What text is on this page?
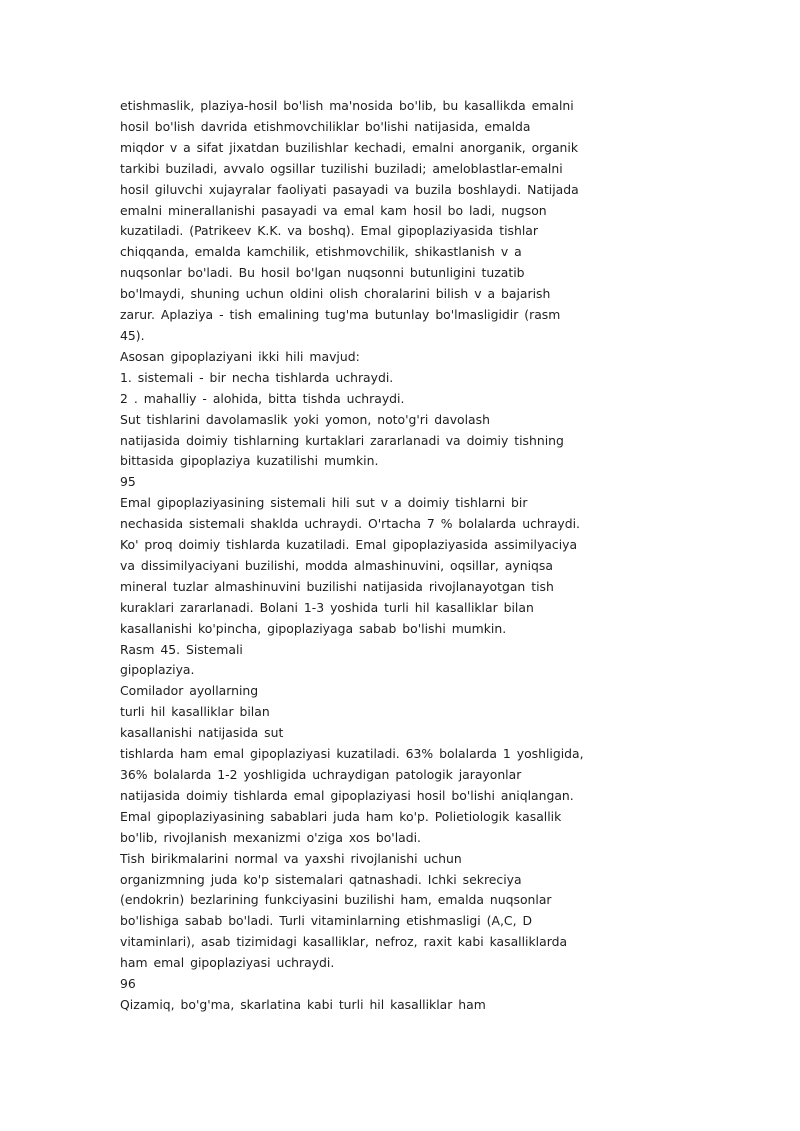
etishmaslik, plaziya-hosil bo'lish ma'nosida bo'lib, bu kasallikda emalni
hosil bo'lish davrida etishmovchiliklar bo'lishi natijasida, emalda
miqdor v a sifat jixatdan buzilishlar kechadi, emalni anorganik, organik
tarkibi buziladi, avvalo ogsillar tuzilishi buziladi; ameloblastlar-emalni
hosil giluvchi xujayralar faoliyati pasayadi va buzila boshlaydi. Natijada
emalni minerallanishi pasayadi va emal kam hosil bo ladi, nugson
kuzatiladi. (Patrikeev K.K. va boshq). Emal gipoplaziyasida tishlar
chiqqanda, emalda kamchilik, etishmovchilik, shikastlanish v a
nuqsonlar bo'ladi. Bu hosil bo'lgan nuqsonni butunligini tuzatib
bo'lmaydi, shuning uchun oldini olish choralarini bilish v a bajarish
zarur. Aplaziya - tish emalining tug'ma butunlay bo'lmasligidir (rasm
45).
Asosan gipoplaziyani ikki hili mavjud:
1. sistemali - bir necha tishlarda uchraydi.
2 . mahalliy - alohida, bitta tishda uchraydi.
Sut tishlarini davolamaslik yoki yomon, noto'g'ri davolash
natijasida doimiy tishlarning kurtaklari zararlanadi va doimiy tishning
bittasida gipoplaziya kuzatilishi mumkin.
95
Emal gipoplaziyasining sistemali hili sut v a doimiy tishlarni bir
nechasida sistemali shaklda uchraydi. O'rtacha 7 % bolalarda uchraydi.
Ko' proq doimiy tishlarda kuzatiladi. Emal gipoplaziyasida assimilyaciya
va dissimilyaciyani buzilishi, modda almashinuvini, oqsillar, ayniqsa
mineral tuzlar almashinuvini buzilishi natijasida rivojlanayotgan tish
kuraklari zararlanadi. Bolani 1-3 yoshida turli hil kasalliklar bilan
kasallanishi ko'pincha, gipoplaziyaga sabab bo'lishi mumkin.
Rasm 45. Sistemali
gipoplaziya.
Comilador ayollarning
turli hil kasalliklar bilan
kasallanishi natijasida sut
tishlarda ham emal gipoplaziyasi kuzatiladi. 63% bolalarda 1 yoshligida,
36% bolalarda 1-2 yoshligida uchraydigan patologik jarayonlar
natijasida doimiy tishlarda emal gipoplaziyasi hosil bo'lishi aniqlangan.
Emal gipoplaziyasining sabablari juda ham ko'p. Polietiologik kasallik
bo'lib, rivojlanish mexanizmi o'ziga xos bo'ladi.
Tish birikmalarini normal va yaxshi rivojlanishi uchun
organizmning juda ko'p sistemalari qatnashadi. Ichki sekreciya
(endokrin) bezlarining funkciyasini buzilishi ham, emalda nuqsonlar
bo'lishiga sabab bo'ladi. Turli vitaminlarning etishmasligi (A,C, D
vitaminlari), asab tizimidagi kasalliklar, nefroz, raxit kabi kasalliklarda
ham emal gipoplaziyasi uchraydi.
96
Qizamiq, bo'g'ma, skarlatina kabi turli hil kasalliklar ham
